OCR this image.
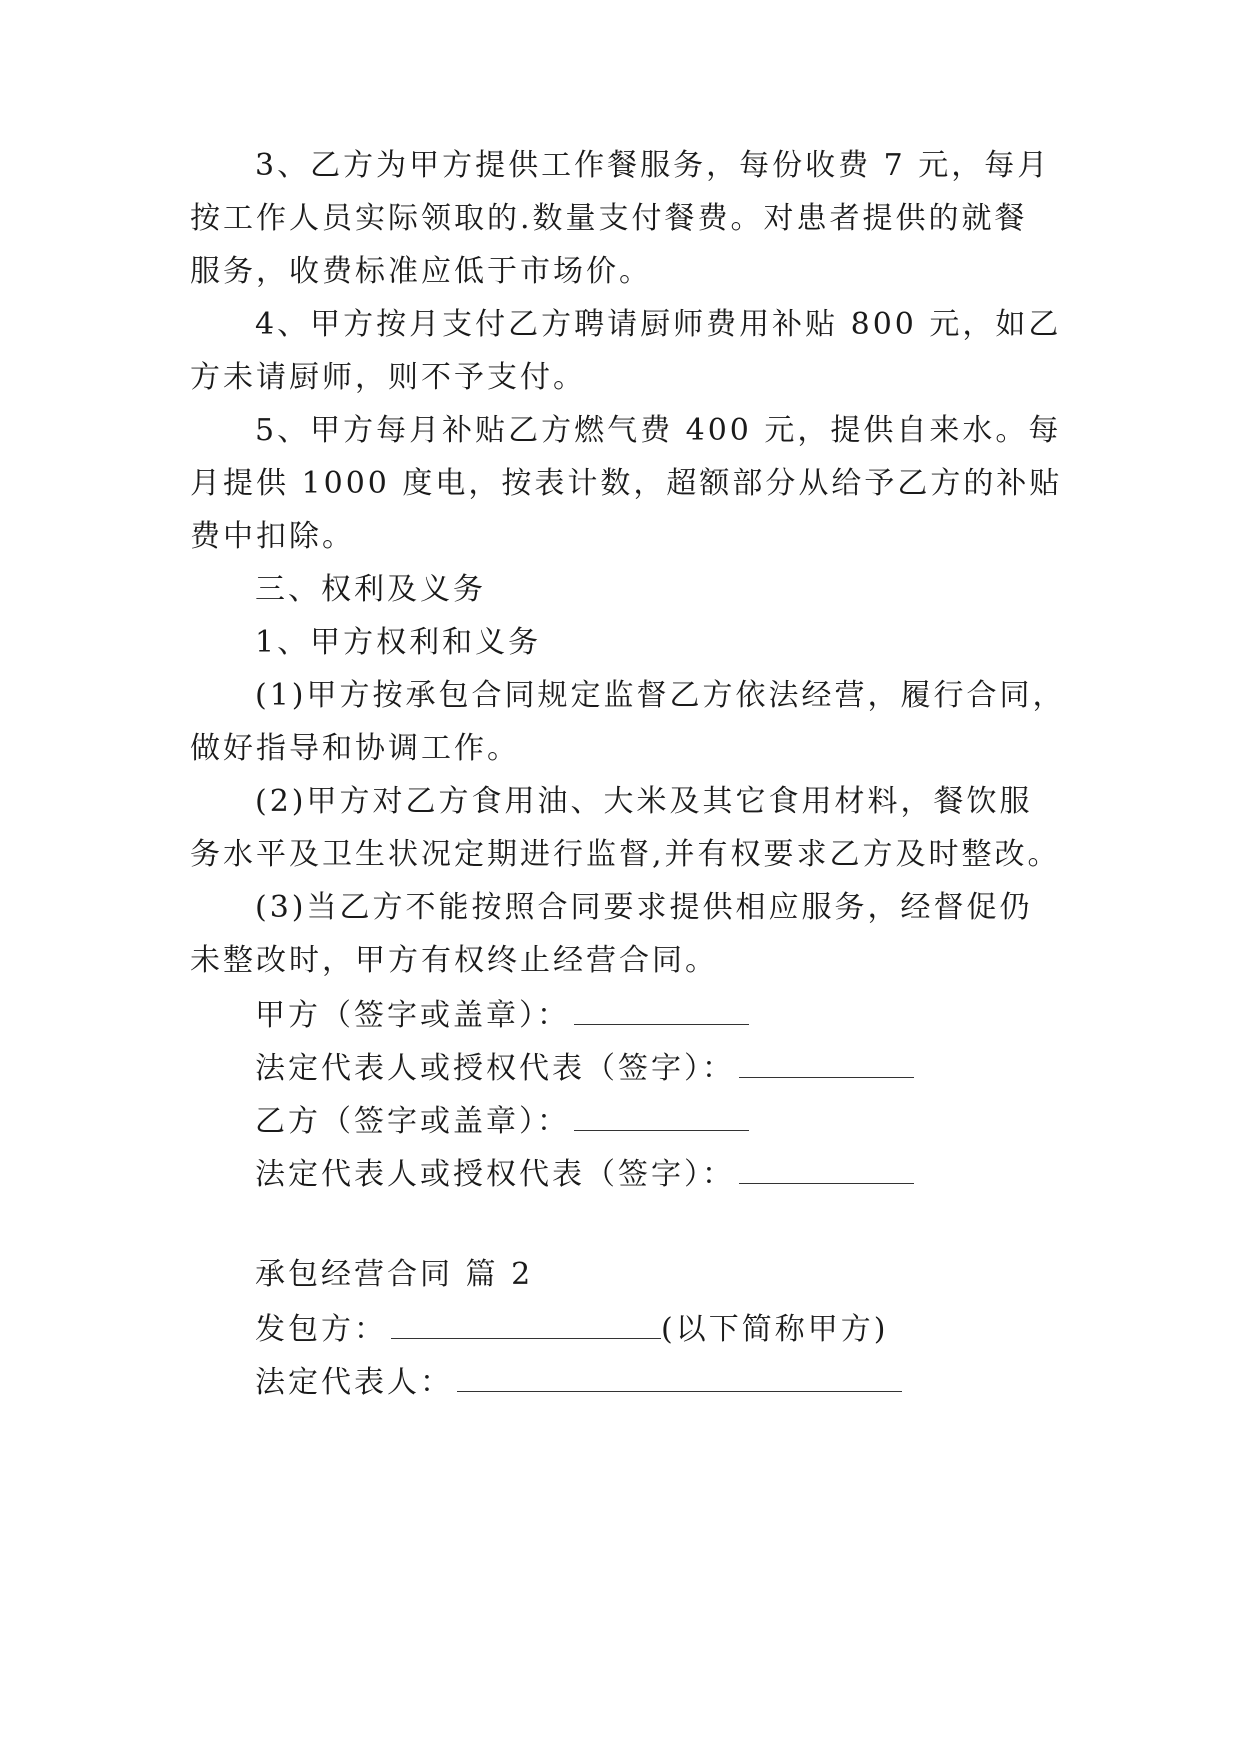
3、乙方为甲方提供工作餐服务，每份收费 7 元，每月
按工作人员实际领取的.数量支付餐费。对患者提供的就餐
服务，收费标准应低于市场价。
4、甲方按月支付乙方聘请厨师费用补贴 800 元，如乙
方未请厨师，则不予支付。
5、甲方每月补贴乙方燃气费 400 元，提供自来水。每
月提供 1000 度电，按表计数，超额部分从给予乙方的补贴
费中扣除。
三、权利及义务
1、甲方权利和义务
(1)甲方按承包合同规定监督乙方依法经营，履行合同，
做好指导和协调工作。
(2)甲方对乙方食用油、大米及其它食用材料，餐饮服
务水平及卫生状况定期进行监督,并有权要求乙方及时整改。
(3)当乙方不能按照合同要求提供相应服务，经督促仍
未整改时，甲方有权终止经营合同。
甲方（签字或盖章）：
法定代表人或授权代表（签字）：
乙方（签字或盖章）：
法定代表人或授权代表（签字）：
承包经营合同 篇 2
发包方：	(以下简称甲方)
法定代表人：
